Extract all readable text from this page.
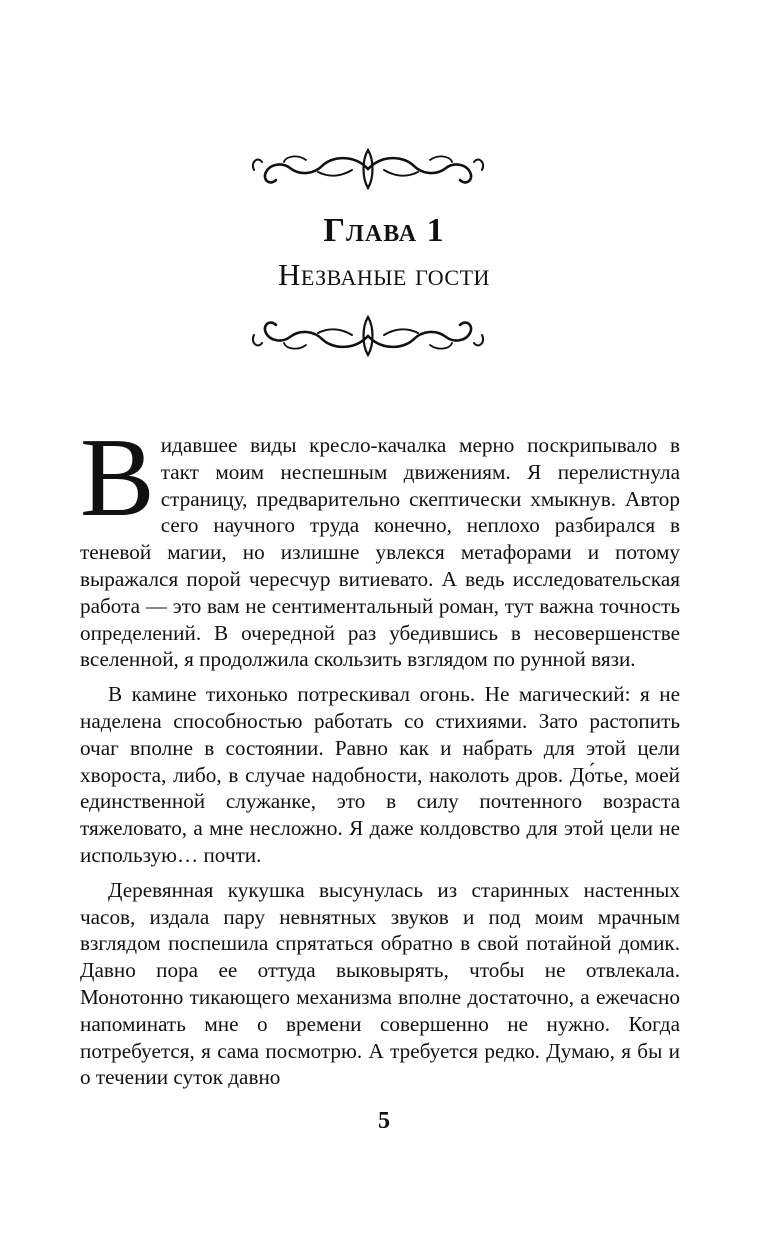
Глава 1
Незваные гости

Видавшее виды кресло-качалка мерно поскрипывало в такт моим неспешным движениям. Я перелистнула страницу, предварительно скептически хмыкнув. Автор сего научного труда конечно, неплохо разбирался в теневой магии, но излишне увлекся метафорами и потому выражался порой чересчур витиевато. А ведь исследовательская работа — это вам не сентиментальный роман, тут важна точность определений. В очередной раз убедившись в несовершенстве вселенной, я продолжила скользить взглядом по рунной вязи.

В камине тихонько потрескивал огонь. Не магический: я не наделена способностью работать со стихиями. Зато растопить очаг вполне в состоянии. Равно как и набрать для этой цели хвороста, либо, в случае надобности, наколоть дров. До́тье, моей единственной служанке, это в силу почтенного возраста тяжеловато, а мне несложно. Я даже колдовство для этой цели не использую… почти.

Деревянная кукушка высунулась из старинных настенных часов, издала пару невнятных звуков и под моим мрачным взглядом поспешила спрятаться обратно в свой потайной домик. Давно пора ее оттуда выковырять, чтобы не отвлекала. Монотонно тикающего механизма вполне достаточно, а ежечасно напоминать мне о времени совершенно не нужно. Когда потребуется, я сама посмотрю. А требуется редко. Думаю, я бы и о течении суток давно

5
